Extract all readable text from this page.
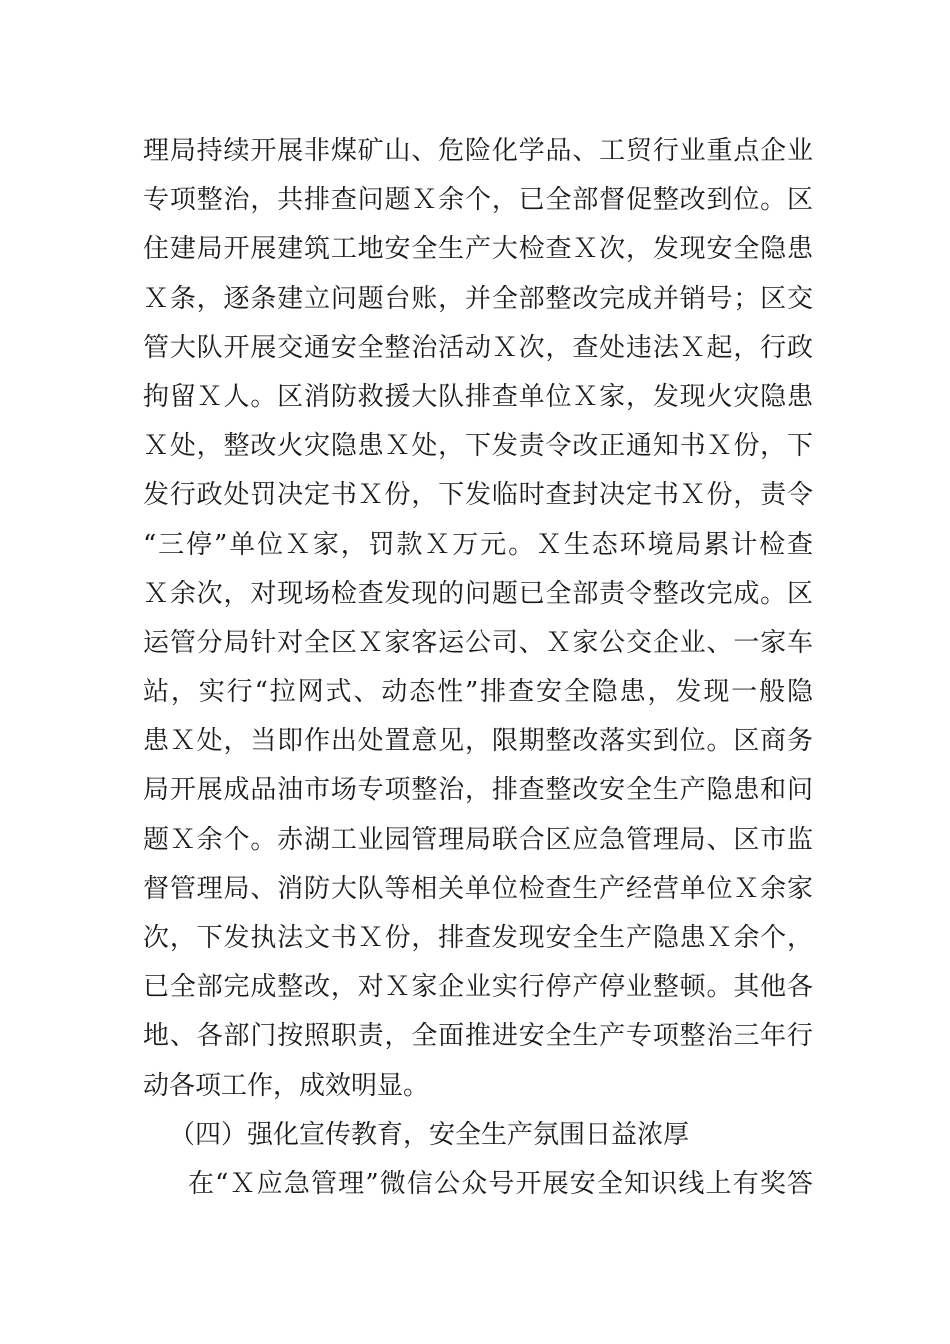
理局持续开展非煤矿山、危险化学品、工贸行业重点企业
专项整治，共排查问题Ｘ余个，已全部督促整改到位。区
住建局开展建筑工地安全生产大检查Ｘ次，发现安全隐患
Ｘ条，逐条建立问题台账，并全部整改完成并销号；区交
管大队开展交通安全整治活动Ｘ次，查处违法Ｘ起，行政
拘留Ｘ人。区消防救援大队排查单位Ｘ家，发现火灾隐患
Ｘ处，整改火灾隐患Ｘ处，下发责令改正通知书Ｘ份，下
发行政处罚决定书Ｘ份，下发临时查封决定书Ｘ份，责令
“三停”单位Ｘ家，罚款Ｘ万元。Ｘ生态环境局累计检查
Ｘ余次，对现场检查发现的问题已全部责令整改完成。区
运管分局针对全区Ｘ家客运公司、Ｘ家公交企业、一家车
站，实行“拉网式、动态性”排查安全隐患，发现一般隐
患Ｘ处，当即作出处置意见，限期整改落实到位。区商务
局开展成品油市场专项整治，排查整改安全生产隐患和问
题Ｘ余个。赤湖工业园管理局联合区应急管理局、区市监
督管理局、消防大队等相关单位检查生产经营单位Ｘ余家
次，下发执法文书Ｘ份，排查发现安全生产隐患Ｘ余个，
已全部完成整改，对Ｘ家企业实行停产停业整顿。其他各
地、各部门按照职责，全面推进安全生产专项整治三年行
动各项工作，成效明显。
（四）强化宣传教育，安全生产氛围日益浓厚
在“Ｘ应急管理”微信公众号开展安全知识线上有奖答
